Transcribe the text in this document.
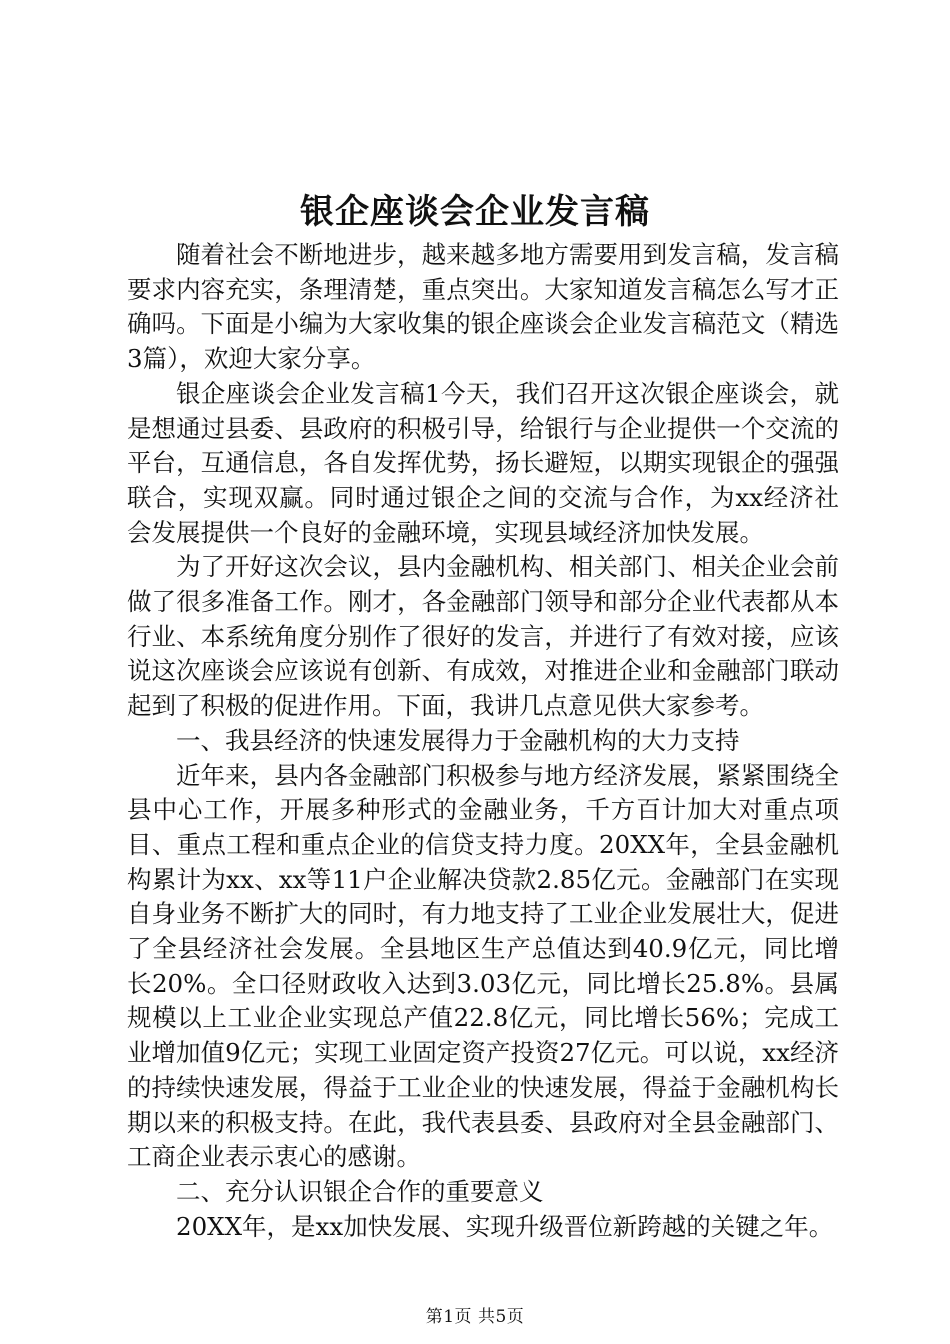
银企座谈会企业发言稿

随着社会不断地进步，越来越多地方需要用到发言稿，发言稿要求内容充实，条理清楚，重点突出。大家知道发言稿怎么写才正确吗。下面是小编为大家收集的银企座谈会企业发言稿范文（精选3篇），欢迎大家分享。

银企座谈会企业发言稿1今天，我们召开这次银企座谈会，就是想通过县委、县政府的积极引导，给银行与企业提供一个交流的平台，互通信息，各自发挥优势，扬长避短，以期实现银企的强强联合，实现双赢。同时通过银企之间的交流与合作，为xx经济社会发展提供一个良好的金融环境，实现县域经济加快发展。

为了开好这次会议，县内金融机构、相关部门、相关企业会前做了很多准备工作。刚才，各金融部门领导和部分企业代表都从本行业、本系统角度分别作了很好的发言，并进行了有效对接，应该说这次座谈会应该说有创新、有成效，对推进企业和金融部门联动起到了积极的促进作用。下面，我讲几点意见供大家参考。

一、我县经济的快速发展得力于金融机构的大力支持

近年来，县内各金融部门积极参与地方经济发展，紧紧围绕全县中心工作，开展多种形式的金融业务，千方百计加大对重点项目、重点工程和重点企业的信贷支持力度。20XX年，全县金融机构累计为xx、xx等11户企业解决贷款2.85亿元。金融部门在实现自身业务不断扩大的同时，有力地支持了工业企业发展壮大，促进了全县经济社会发展。全县地区生产总值达到40.9亿元，同比增长20%。全口径财政收入达到3.03亿元，同比增长25.8%。县属规模以上工业企业实现总产值22.8亿元，同比增长56%；完成工业增加值9亿元；实现工业固定资产投资27亿元。可以说，xx经济的持续快速发展，得益于工业企业的快速发展，得益于金融机构长期以来的积极支持。在此，我代表县委、县政府对全县金融部门、工商企业表示衷心的感谢。

二、充分认识银企合作的重要意义

20XX年，是xx加快发展、实现升级晋位新跨越的关键之年。

第1页 共5页
